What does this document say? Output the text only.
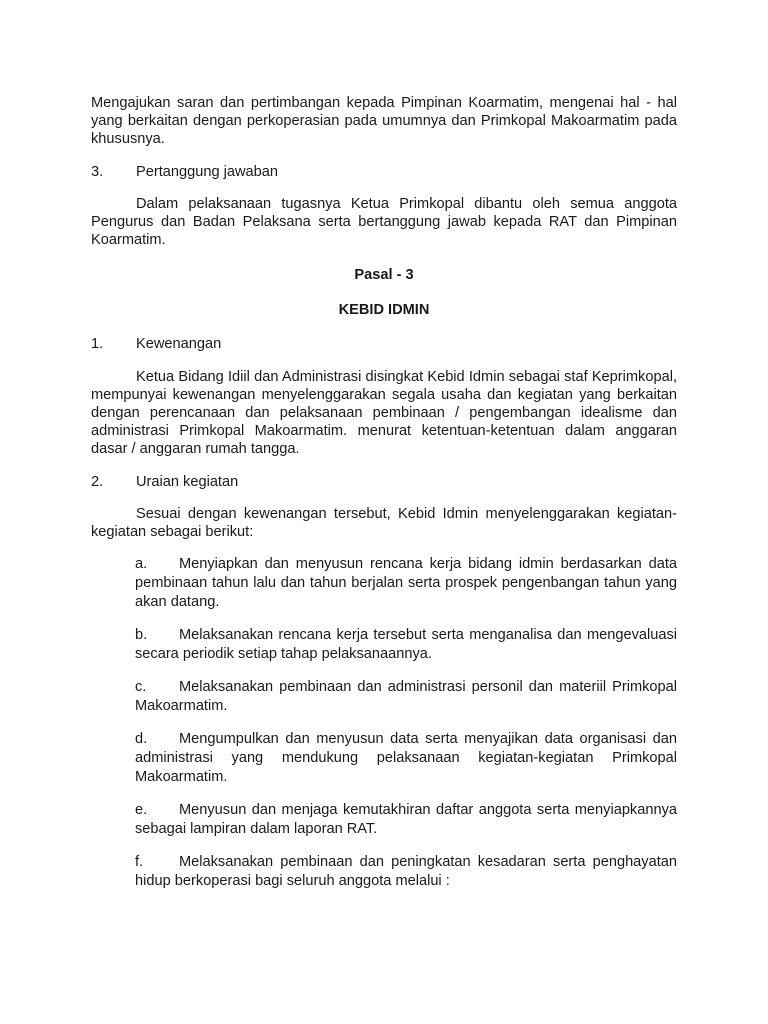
Mengajukan saran dan pertimbangan kepada Pimpinan Koarmatim, mengenai hal - hal yang berkaitan dengan perkoperasian pada umumnya dan Primkopal Makoarmatim pada khususnya.

3.	Pertanggung jawaban

Dalam pelaksanaan tugasnya Ketua Primkopal dibantu oleh semua anggota Pengurus dan Badan Pelaksana serta bertanggung jawab kepada RAT dan Pimpinan Koarmatim.

Pasal - 3

KEBID IDMIN

1.	Kewenangan

Ketua Bidang Idiil dan Administrasi disingkat Kebid Idmin sebagai staf Keprimkopal, mempunyai kewenangan menyelenggarakan segala usaha dan kegiatan yang berkaitan dengan perencanaan dan pelaksanaan pembinaan / pengembangan idealisme dan administrasi Primkopal Makoarmatim. menurat ketentuan-ketentuan dalam anggaran dasar / anggaran rumah tangga.

2.	Uraian kegiatan

Sesuai dengan kewenangan tersebut, Kebid Idmin menyelenggarakan kegiatan-kegiatan sebagai berikut:

a. Menyiapkan dan menyusun rencana kerja bidang idmin berdasarkan data pembinaan tahun lalu dan tahun berjalan serta prospek pengenbangan tahun yang akan datang.

b. Melaksanakan rencana kerja tersebut serta menganalisa dan mengevaluasi secara periodik setiap tahap pelaksanaannya.

c. Melaksanakan pembinaan dan administrasi personil dan materiil Primkopal Makoarmatim.

d. Mengumpulkan dan menyusun data serta menyajikan data organisasi dan administrasi yang mendukung pelaksanaan kegiatan-kegiatan Primkopal Makoarmatim.

e. Menyusun dan menjaga kemutakhiran daftar anggota serta menyiapkannya sebagai lampiran dalam laporan RAT.

f. Melaksanakan pembinaan dan peningkatan kesadaran serta penghayatan hidup berkoperasi bagi seluruh anggota melalui :
